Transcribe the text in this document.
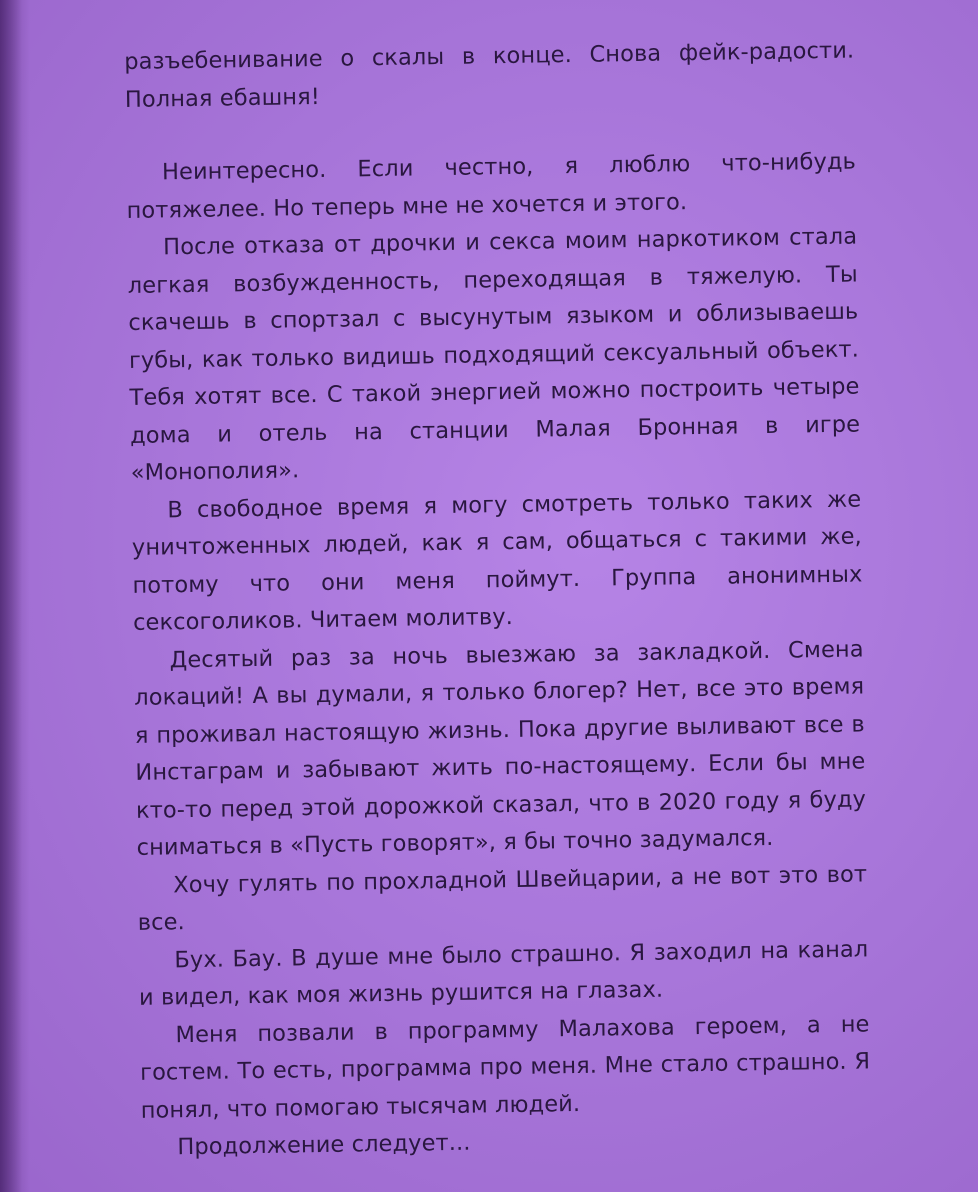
разъебенивание о скалы в конце. Снова фейк-радости. Полная ебашня!

Неинтересно. Если честно, я люблю что-нибудь потяжелее. Но теперь мне не хочется и этого.

После отказа от дрочки и секса моим наркотиком стала легкая возбужденность, переходящая в тяжелую. Ты скачешь в спортзал с высунутым языком и облизываешь губы, как только видишь подходящий сексуальный объект. Тебя хотят все. С такой энергией можно построить четыре дома и отель на станции Малая Бронная в игре «Монополия».

В свободное время я могу смотреть только таких же уничтоженных людей, как я сам, общаться с такими же, потому что они меня поймут. Группа анонимных сексоголиков. Читаем молитву.

Десятый раз за ночь выезжаю за закладкой. Смена локаций! А вы думали, я только блогер? Нет, все это время я проживал настоящую жизнь. Пока другие выливают все в Инстаграм и забывают жить по-настоящему. Если бы мне кто-то перед этой дорожкой сказал, что в 2020 году я буду сниматься в «Пусть говорят», я бы точно задумался.

Хочу гулять по прохладной Швейцарии, а не вот это вот все.

Бух. Бау. В душе мне было страшно. Я заходил на канал и видел, как моя жизнь рушится на глазах.

Меня позвали в программу Малахова героем, а не гостем. То есть, программа про меня. Мне стало страшно. Я понял, что помогаю тысячам людей.

Продолжение следует...
